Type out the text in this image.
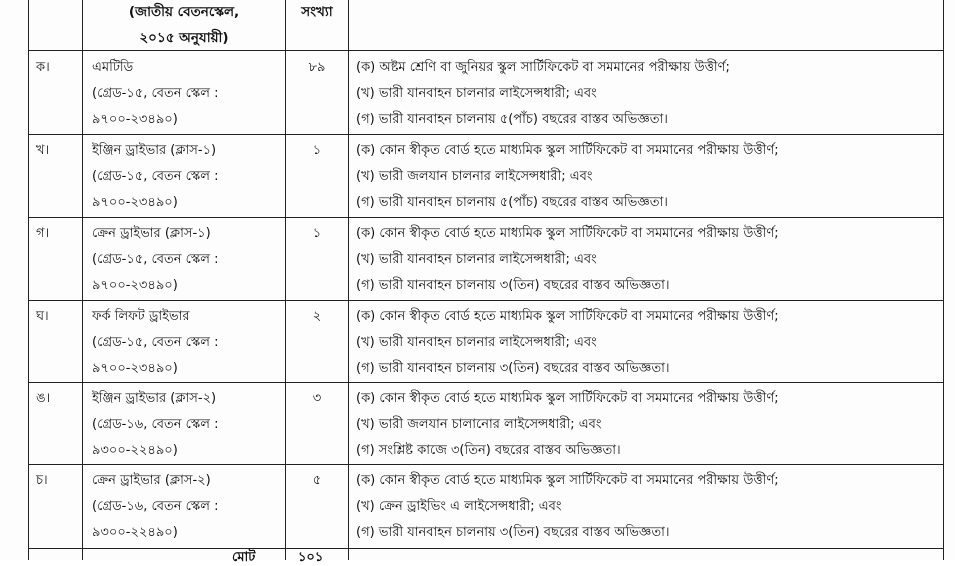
(জাতীয় বেতনস্কেল,
২০১৫ অনুযায়ী)
সংখ্যা
ক।	এমটিডি
(গ্রেড-১৫, বেতন স্কেল :
৯৭০০-২৩৪৯০)
৮৯	(ক) অষ্টম শ্রেণি বা জুনিয়র স্কুল সার্টিফিকেট বা সমমানের পরীক্ষায় উত্তীর্ণ;
(খ) ভারী যানবাহন চালনার লাইসেন্সধারী; এবং
(গ) ভারী যানবাহন চালনায় ৫(পাঁচ) বছরের বাস্তব অভিজ্ঞতা।
খ।	ইঞ্জিন ড্রাইভার (ক্লাস-১)
(গ্রেড-১৫, বেতন স্কেল :
৯৭০০-২৩৪৯০)
১	(ক) কোন স্বীকৃত বোর্ড হতে মাধ্যমিক স্কুল সার্টিফিকেট বা সমমানের পরীক্ষায় উত্তীর্ণ;
(খ) ভারী জলযান চালনার লাইসেন্সধারী; এবং
(গ) ভারী যানবাহন চালনায় ৫(পাঁচ) বছরের বাস্তব অভিজ্ঞতা।
গ।	ক্রেন ড্রাইভার (ক্লাস-১)
(গ্রেড-১৫, বেতন স্কেল :
৯৭০০-২৩৪৯০)
১	(ক) কোন স্বীকৃত বোর্ড হতে মাধ্যমিক স্কুল সার্টিফিকেট বা সমমানের পরীক্ষায় উত্তীর্ণ;
(খ) ভারী যানবাহন চালনার লাইসেন্সধারী; এবং
(গ) ভারী যানবাহন চালনায় ৩(তিন) বছরের বাস্তব অভিজ্ঞতা।
ঘ।	ফর্ক লিফট ড্রাইভার
(গ্রেড-১৫, বেতন স্কেল :
৯৭০০-২৩৪৯০)
২	(ক) কোন স্বীকৃত বোর্ড হতে মাধ্যমিক স্কুল সার্টিফিকেট বা সমমানের পরীক্ষায় উত্তীর্ণ;
(খ) ভারী যানবাহন চালনার লাইসেন্সধারী; এবং
(গ) ভারী যানবাহন চালনায় ৩(তিন) বছরের বাস্তব অভিজ্ঞতা।
ঙ।	ইঞ্জিন ড্রাইভার (ক্লাস-২)
(গ্রেড-১৬, বেতন স্কেল :
৯৩০০-২২৪৯০)
৩	(ক) কোন স্বীকৃত বোর্ড হতে মাধ্যমিক স্কুল সার্টিফিকেট বা সমমানের পরীক্ষায় উত্তীর্ণ;
(খ) ভারী জলযান চালানোর লাইসেন্সধারী; এবং
(গ) সংশ্লিষ্ট কাজে ৩(তিন) বছরের বাস্তব অভিজ্ঞতা।
চ।	ক্রেন ড্রাইভার (ক্লাস-২)
(গ্রেড-১৬, বেতন স্কেল :
৯৩০০-২২৪৯০)
৫	(ক) কোন স্বীকৃত বোর্ড হতে মাধ্যমিক স্কুল সার্টিফিকেট বা সমমানের পরীক্ষায় উত্তীর্ণ;
(খ) ক্রেন ড্রাইভিং এ লাইসেন্সধারী; এবং
(গ) ভারী যানবাহন চালনায় ৩(তিন) বছরের বাস্তব অভিজ্ঞতা।
মোট	১০১
